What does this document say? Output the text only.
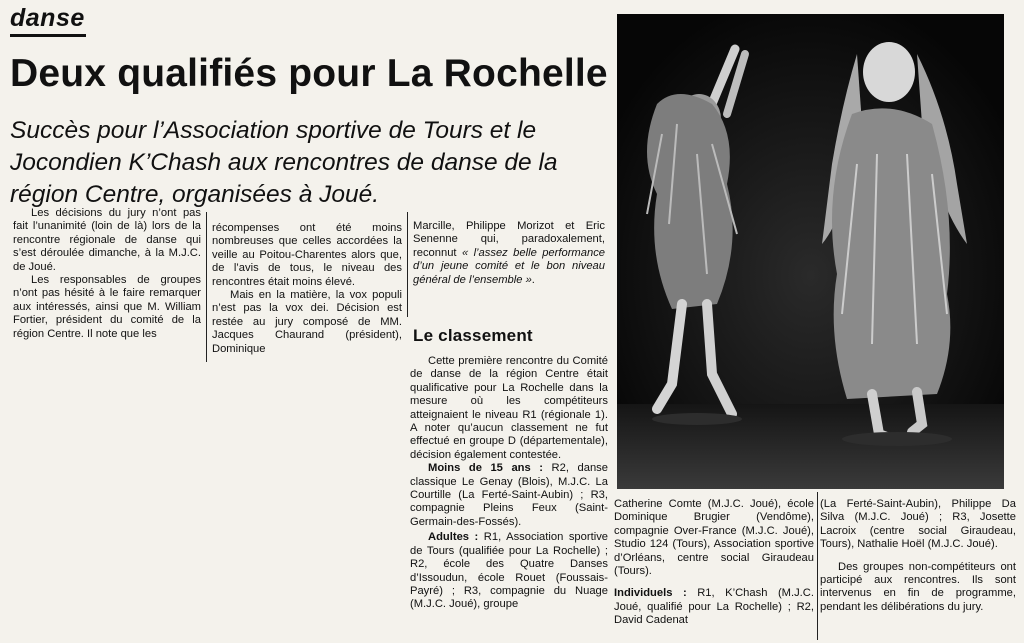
danse
Deux qualifiés pour La Rochelle
Succès pour l’Association sportive de Tours et le Jocondien K’Chash aux rencontres de danse de la région Centre, organisées à Joué.

Les décisions du jury n’ont pas fait l’unanimité (loin de là) lors de la rencontre régionale de danse qui s’est déroulée dimanche, à la M.J.C. de Joué.

Les responsables de groupes n’ont pas hésité à le faire remarquer aux intéressés, ainsi que M. William Fortier, président du comité de la région Centre. Il note que les

récompenses ont été moins nombreuses que celles accordées la veille au Poitou-Charentes alors que, de l’avis de tous, le niveau des rencontres était moins élevé.

Mais en la matière, la vox populi n’est pas la vox dei. Décision est restée au jury composé de MM. Jacques Chaurand (président), Dominique

Marcille, Philippe Morizot et Eric Senenne qui, paradoxalement, reconnut « l’assez belle performance d’un jeune comité et le bon niveau général de l’ensemble ».

Le classement

Cette première rencontre du Comité de danse de la région Centre était qualificative pour La Rochelle dans la mesure où les compétiteurs atteignaient le niveau R1 (régionale 1). A noter qu’aucun classement ne fut effectué en groupe D (départementale), décision également contestée.

Moins de 15 ans : R2, danse classique Le Genay (Blois), M.J.C. La Courtille (La Ferté-Saint-Aubin) ; R3, compagnie Pleins Feux (Saint-Germain-des-Fossés).

Adultes : R1, Association sportive de Tours (qualifiée pour La Rochelle) ; R2, école des Quatre Danses d’Issoudun, école Rouet (Foussais-Payré) ; R3, compagnie du Nuage (M.J.C. Joué), groupe

Catherine Comte (M.J.C. Joué), école Dominique Brugier (Vendôme), compagnie Over-France (M.J.C. Joué), Studio 124 (Tours), Association sportive d’Orléans, centre social Giraudeau (Tours).

Individuels : R1, K’Chash (M.J.C. Joué, qualifié pour La Rochelle) ; R2, David Cadenat

(La Ferté-Saint-Aubin), Philippe Da Silva (M.J.C. Joué) ; R3, Josette Lacroix (centre social Giraudeau, Tours), Nathalie Hoël (M.J.C. Joué).

Des groupes non-compétiteurs ont participé aux rencontres. Ils sont intervenus en fin de programme, pendant les délibérations du jury.
